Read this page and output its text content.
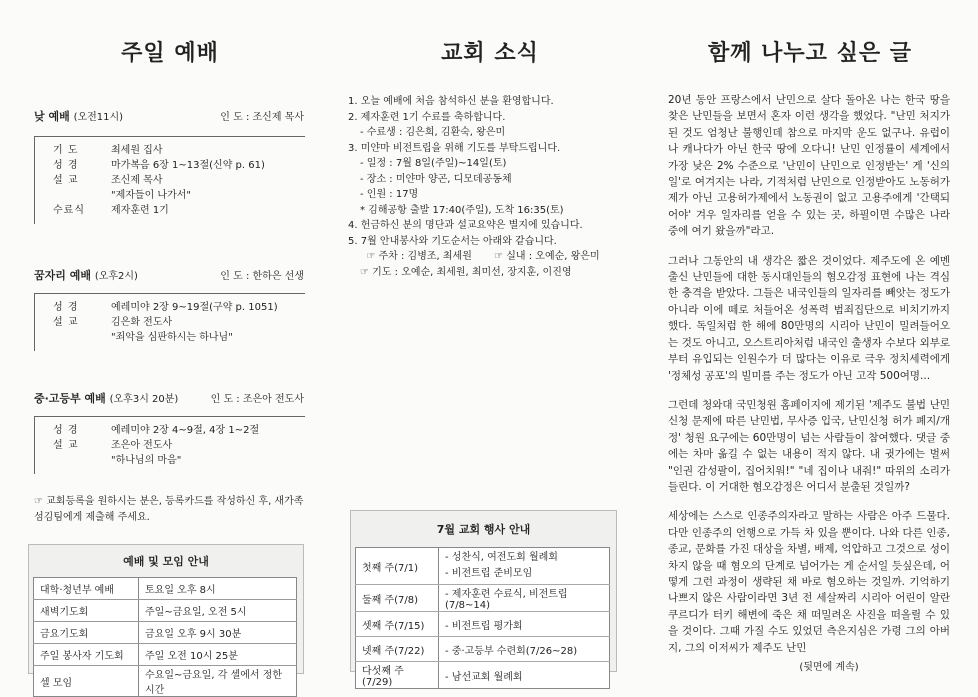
주일 예배
낮 예배 (오전11시)	인 도 : 조신제 목사
기 도	최세원 집사
성 경	마가복음 6장 1~13절(신약 p. 61)
설 교	조신제 목사
"제자들이 나가서"
수료식	제자훈련 1기
꿈자리 예배 (오후2시)	인 도 : 한하은 선생
성 경	예레미야 2장 9~19절(구약 p. 1051)
설 교	김은화 전도사
"죄악을 심판하시는 하나님"
중·고등부 예배 (오후3시 20분)	인 도 : 조은아 전도사
성 경	예레미야 2장 4~9절, 4장 1~2절
설 교	조은아 전도사
"하나님의 마음"
☞ 교회등록을 원하시는 분은, 등록카드를 작성하신 후, 새가족 섬김팀에게 제출해 주세요.
예배 및 모임 안내
대학·청년부 예배	토요일 오후 8시
새벽기도회	주일~금요일, 오전 5시
금요기도회	금요일 오후 9시 30분
주일 봉사자 기도회	주일 오전 10시 25분
셀 모임	수요일~금요일, 각 셀에서 정한 시간
교회 소식
1. 오늘 예배에 처음 참석하신 분을 환영합니다.
2. 제자훈련 1기 수료를 축하합니다.
- 수료생 : 김은희, 김환숙, 왕은미
3. 미얀마 비전트립을 위해 기도를 부탁드립니다.
- 일정 : 7월 8일(주일)~14일(토)
- 장소 : 미얀마 양곤, 디모데공동체
- 인원 : 17명
* 김해공항 출발 17:40(주일), 도착 16:35(토)
4. 헌금하신 분의 명단과 설교요약은 별지에 있습니다.
5. 7월 안내봉사와 기도순서는 아래와 같습니다.
☞ 주차 : 김병조, 최세원       ☞ 실내 : 오예순, 왕은미
☞ 기도 : 오예순, 최세원, 최미선, 장지훈, 이진영
7월 교회 행사 안내
첫째 주(7/1)	- 성찬식, 여전도회 월례회
- 비전트립 준비모임

둘째 주(7/8)	- 제자훈련 수료식, 비전트립(7/8~14)
셋째 주(7/15)	- 비전트립 평가회
넷째 주(7/22)	- 중·고등부 수련회(7/26~28)
다섯째 주(7/29)	- 남선교회 월례회
함께 나누고 싶은 글

20년 동안 프랑스에서 난민으로 살다 돌아온 나는 한국 땅을 찾은 난민들을 보면서 혼자 이런 생각을 했었다. "난민 처지가 된 것도 엄청난 불행인데 참으로 마지막 운도 없구나. 유럽이나 캐나다가 아닌 한국 땅에 오다니! 난민 인정률이 세계에서 가장 낮은 2% 수준으로 '난민이 난민으로 인정받는' 게 '신의 일'로 여겨지는 나라, 기적처럼 난민으로 인정받아도 노동허가제가 아닌 고용허가제에서 노동권이 없고 고용주에게 '간택되어야' 겨우 일자리를 얻을 수 있는 곳, 하필이면 수많은 나라 중에 여기 왔을까"라고.

그러나 그동안의 내 생각은 짧은 것이었다. 제주도에 온 예멘 출신 난민들에 대한 동시대인들의 혐오감정 표현에 나는 격심한 충격을 받았다. 그들은 내국인들의 일자리를 빼앗는 정도가 아니라 이에 떼로 처들어온 성폭력 범죄집단으로 비치기까지 했다. 독일처럼 한 해에 80만명의 시리아 난민이 밀려들어오는 것도 아니고, 오스트리아처럼 내국인 출생자 수보다 외부로부터 유입되는 인원수가 더 많다는 이유로 극우 정치세력에게 '정체성 공포'의 빌미를 주는 정도가 아닌 고작 500여명...

그런데 청와대 국민청원 홈페이지에 제기된 '제주도 불법 난민신청 문제에 따른 난민법, 무사증 입국, 난민신청 허가 폐지/개정' 청원 요구에는 60만명이 넘는 사람들이 참여했다. 댓글 중에는 차마 옮길 수 없는 내용이 적지 않다. 내 귓가에는 벌써 "인권 감성팔이, 집어치워!" "네 집이나 내줘!" 따위의 소리가 들린다. 이 거대한 혐오감정은 어디서 분출된 것일까?

세상에는 스스로 인종주의자라고 말하는 사람은 아주 드물다. 다만 인종주의 언행으로 가득 차 있을 뿐이다. 나와 다른 인종, 종교, 문화를 가진 대상을 차별, 배제, 억압하고 그것으로 성이 차지 않을 때 혐오의 단계로 넘어가는 게 순서일 듯싶은데, 어떻게 그런 과정이 생략된 채 바로 혐오하는 것일까. 기억하기 나쁘지 않은 사람이라면 3년 전 세살짜리 시리아 어린이 알란 쿠르디가 터키 해변에 죽은 채 떠밀려온 사진을 떠올릴 수 있을 것이다. 그때 가질 수도 있었던 측은지심은 가령 그의 아버지, 그의 이저씨가 제주도 난민

(뒷면에 계속)
